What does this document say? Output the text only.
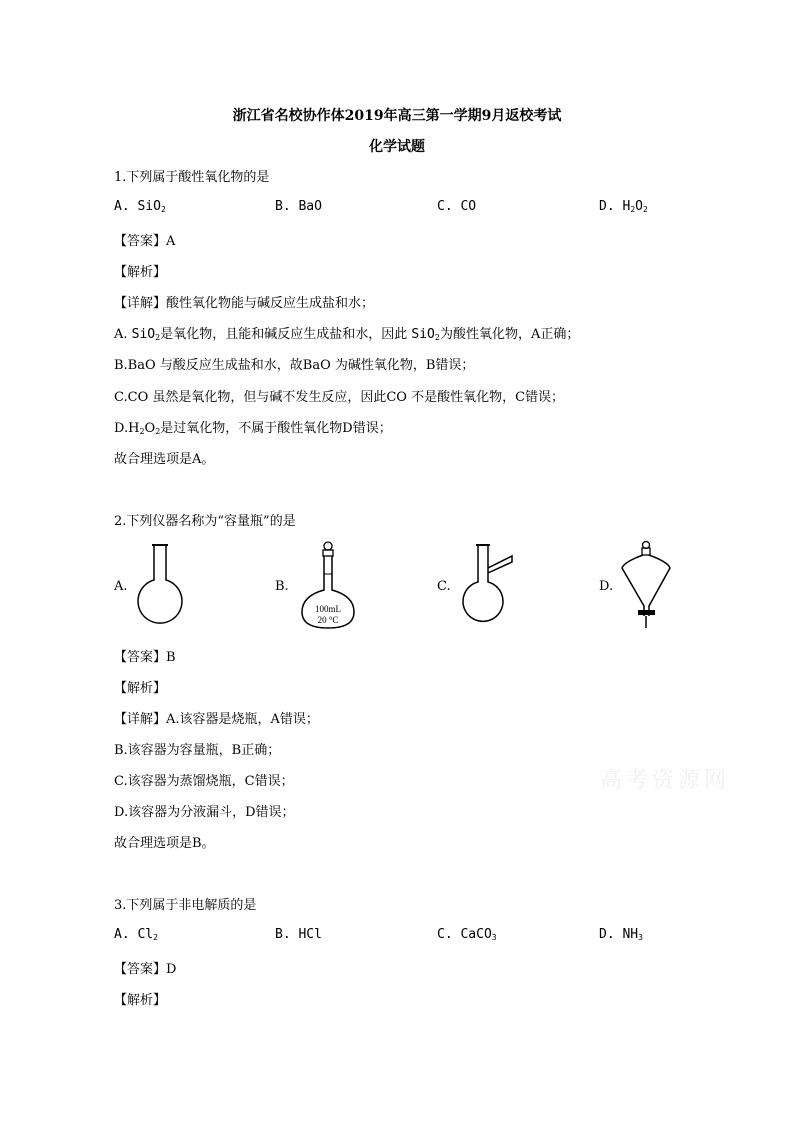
浙江省名校协作体2019年高三第一学期9月返校考试
化学试题
1.下列属于酸性氧化物的是
A. SiO$_2$	B. BaO	C. CO	D. $H_2O_2$
【答案】A
【解析】
【详解】酸性氧化物能与碱反应生成盐和水；
A. SiO$_2$是氧化物，且能和碱反应生成盐和水，因此 SiO$_2$为酸性氧化物，A正确；
B.BaO 与酸反应生成盐和水，故BaO 为碱性氧化物，B错误；
C.CO 虽然是氧化物，但与碱不发生反应，因此CO 不是酸性氧化物，C错误；
$D.H_2O_2$是过氧化物，不属于酸性氧化物D错误；
故合理选项是A。
2.下列仪器名称为“容量瓶”的是
A.	B.	C.	D.
100mL
20 °C
【答案】B
【解析】
【详解】A.该容器是烧瓶，A错误；
B.该容器为容量瓶，B正确；
C.该容器为蒸馏烧瓶，C错误；
D.该容器为分液漏斗，D错误；
故合理选项是B。
高考资源网
3.下列属于非电解质的是
A. $Cl_2$	B. HCl	C. CaCO$_3$	D. $NH_3$
【答案】D
【解析】
